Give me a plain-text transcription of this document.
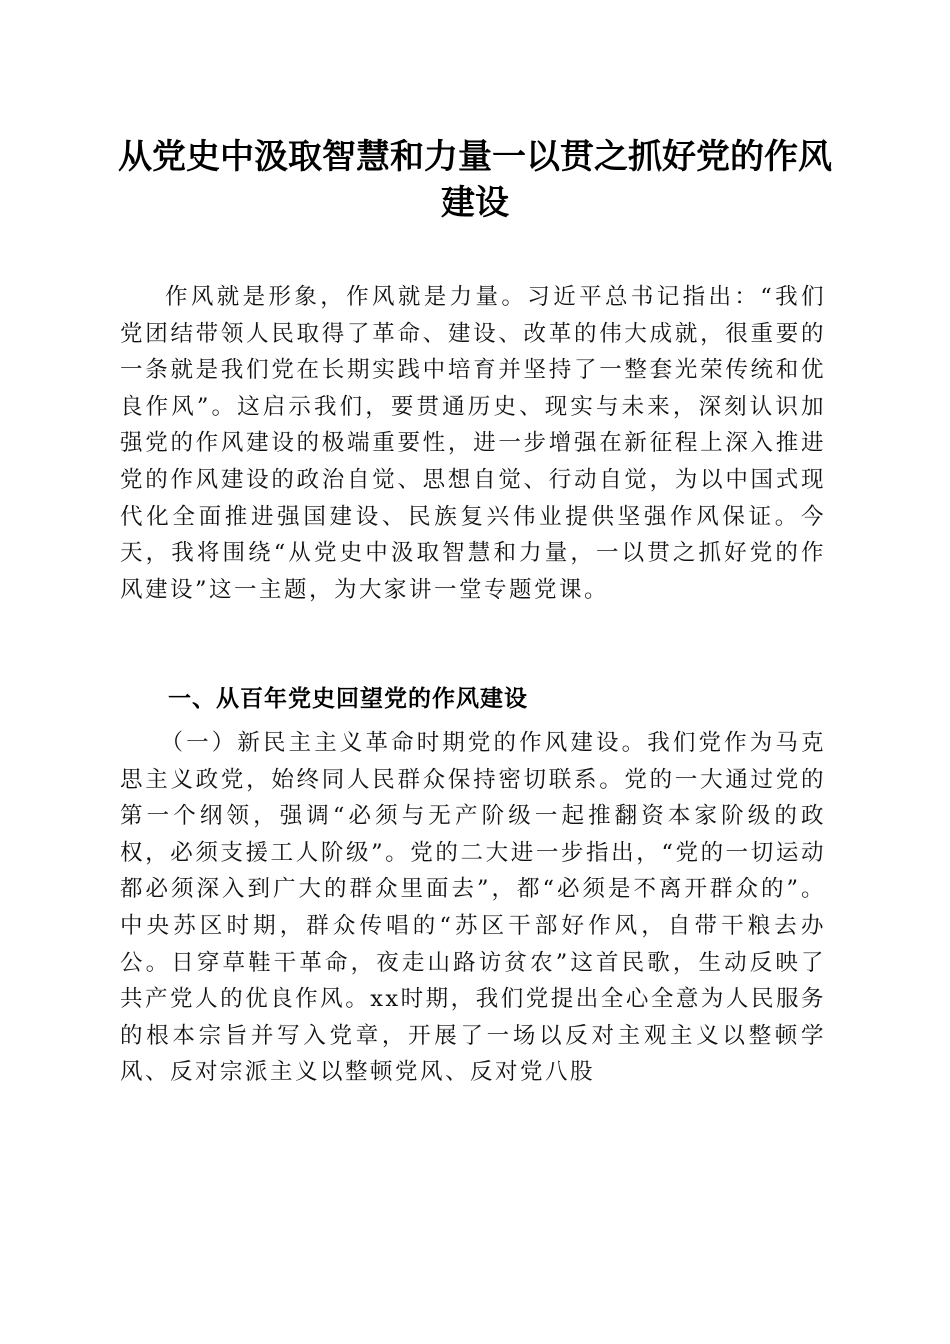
从党史中汲取智慧和力量一以贯之抓好党的作风建设

作风就是形象，作风就是力量。习近平总书记指出：“我们党团结带领人民取得了革命、建设、改革的伟大成就，很重要的一条就是我们党在长期实践中培育并坚持了一整套光荣传统和优良作风”。这启示我们，要贯通历史、现实与未来，深刻认识加强党的作风建设的极端重要性，进一步增强在新征程上深入推进党的作风建设的政治自觉、思想自觉、行动自觉，为以中国式现代化全面推进强国建设、民族复兴伟业提供坚强作风保证。今天，我将围绕“从党史中汲取智慧和力量，一以贯之抓好党的作风建设”这一主题，为大家讲一堂专题党课。

一、从百年党史回望党的作风建设

（一）新民主主义革命时期党的作风建设。我们党作为马克思主义政党，始终同人民群众保持密切联系。党的一大通过党的第一个纲领，强调“必须与无产阶级一起推翻资本家阶级的政权，必须支援工人阶级”。党的二大进一步指出，“党的一切运动都必须深入到广大的群众里面去”，都“必须是不离开群众的”。中央苏区时期，群众传唱的“苏区干部好作风，自带干粮去办公。日穿草鞋干革命，夜走山路访贫农”这首民歌，生动反映了共产党人的优良作风。xx时期，我们党提出全心全意为人民服务的根本宗旨并写入党章，开展了一场以反对主观主义以整顿学风、反对宗派主义以整顿党风、反对党八股
